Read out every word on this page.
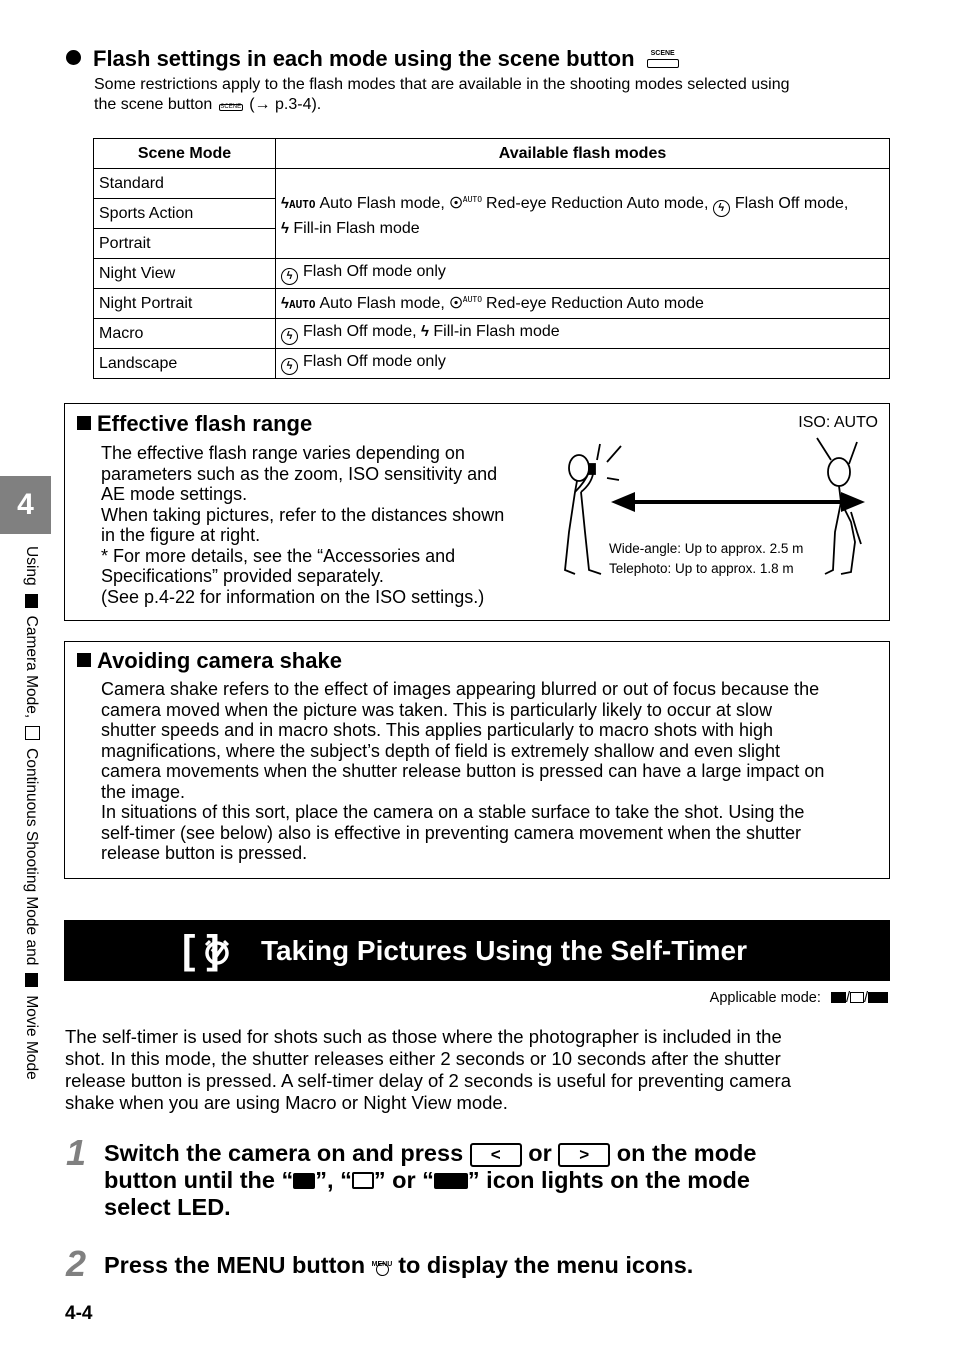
Flash settings in each mode using the scene button	SCENE
Some restrictions apply to the flash modes that are available in the shooting modes selected using
the scene button SCENE (→ p.3-4).
Scene Mode	Available flash modes
Standard	ϟAUTO Auto Flash mode, ☉$^{AUTO}$ Red-eye Reduction Auto mode, ϟ Flash Off mode,
ϟ Fill-in Flash mode
Sports Action	
Portrait	
Night View	ϟ Flash Off mode only
Night Portrait	ϟAUTO Auto Flash mode, ☉$^{AUTO}$ Red-eye Reduction Auto mode
Macro	ϟ Flash Off mode, ϟ Fill-in Flash mode
Landscape	ϟ Flash Off mode only
Effective flash range	ISO: AUTO
The effective flash range varies depending on
parameters such as the zoom, ISO sensitivity and
AE mode settings.
When taking pictures, refer to the distances shown
in the figure at right.
* For more details, see the “Accessories and
Specifications” provided separately.
(See p.4-22 for information on the ISO settings.)
Wide-angle: Up to approx. 2.5 m
Telephoto: Up to approx. 1.8 m
Avoiding camera shake
Camera shake refers to the effect of images appearing blurred or out of focus because the
camera moved when the picture was taken. This is particularly likely to occur at slow
shutter speeds and in macro shots. This applies particularly to macro shots with high
magnifications, where the subject’s depth of field is extremely shallow and even slight
camera movements when the shutter release button is pressed can have a large impact on
the image.
In situations of this sort, place the camera on a stable surface to take the shot. Using the
self-timer (see below) also is effective in preventing camera movement when the shutter
release button is pressed.
4
UsingCamera Mode,Continuous Shooting Mode andMovie Mode
[ ] Taking Pictures Using the Self-Timer
Applicable mode: / /
The self-timer is used for shots such as those where the photographer is included in the
shot. In this mode, the shutter releases either 2 seconds or 10 seconds after the shutter
release button is pressed. A self-timer delay of 2 seconds is useful for preventing camera
shake when you are using Macro or Night View mode.
1 Switch the camera on and press < or > on the mode
button until the “ ”, “ ” or “ ” icon lights on the mode
select LED.
2 Press the MENU button MENU to display the menu icons.
4-4
